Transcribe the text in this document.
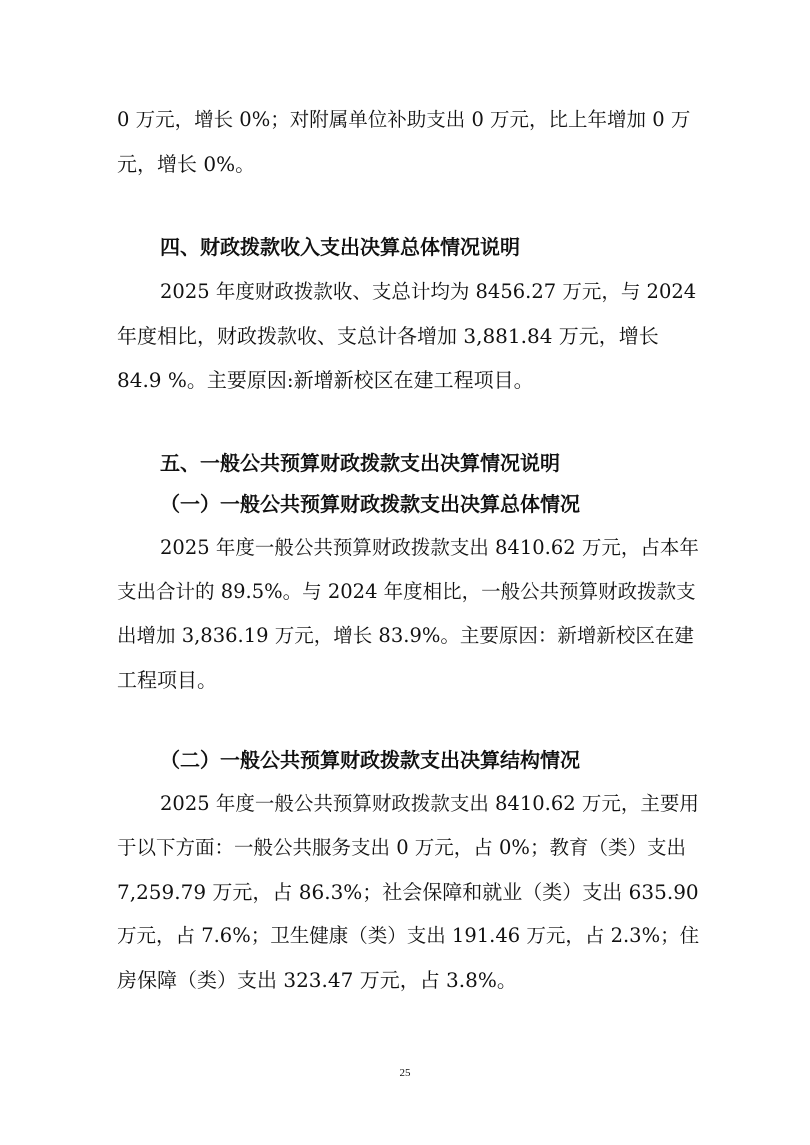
0 万元，增长 0%；对附属单位补助支出 0 万元，比上年增加 0 万
元，增长 0%。
四、财政拨款收入支出决算总体情况说明
2025 年度财政拨款收、支总计均为 8456.27 万元，与 2024
年度相比，财政拨款收、支总计各增加 3,881.84 万元，增长
84.9 %。主要原因:新增新校区在建工程项目。
五、一般公共预算财政拨款支出决算情况说明
（一）一般公共预算财政拨款支出决算总体情况
2025 年度一般公共预算财政拨款支出 8410.62 万元，占本年
支出合计的 89.5%。与 2024 年度相比，一般公共预算财政拨款支
出增加 3,836.19 万元，增长 83.9%。主要原因：新增新校区在建
工程项目。
（二）一般公共预算财政拨款支出决算结构情况
2025 年度一般公共预算财政拨款支出 8410.62 万元，主要用
于以下方面：一般公共服务支出 0 万元，占 0%；教育（类）支出
7,259.79 万元，占 86.3%；社会保障和就业（类）支出 635.90
万元，占 7.6%；卫生健康（类）支出 191.46 万元，占 2.3%；住
房保障（类）支出 323.47 万元，占 3.8%。
25
